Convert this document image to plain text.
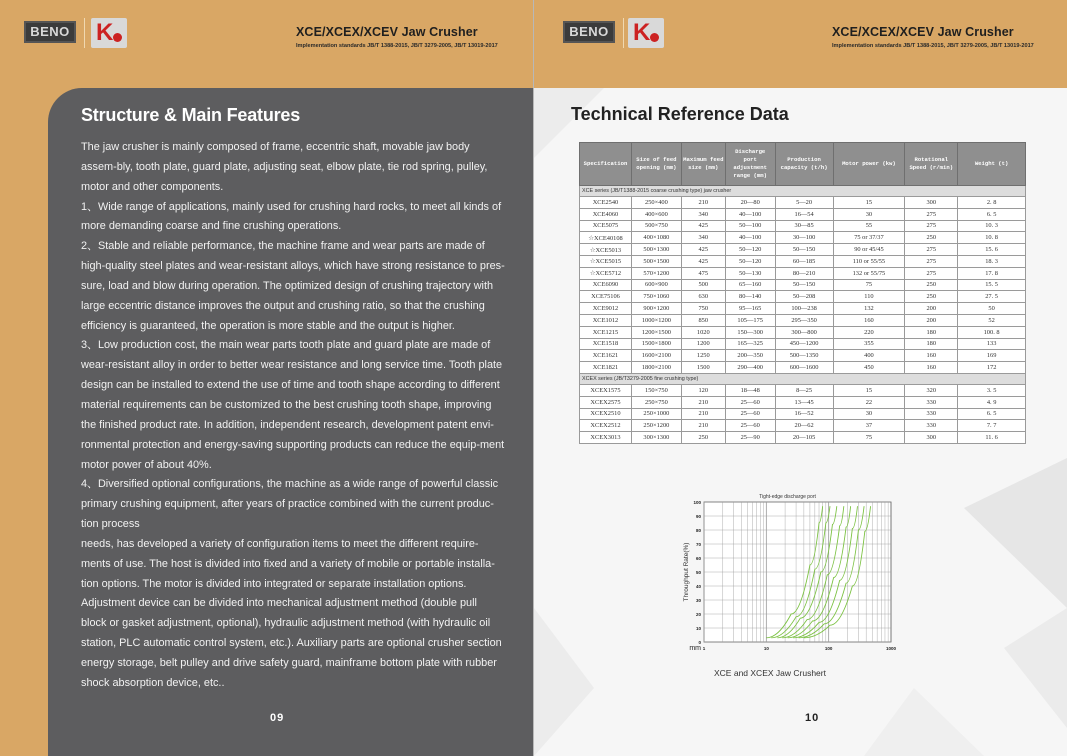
BENO K	XCE/XCEX/XCEV Jaw Crusher
Implementation standards JB/T 1388-2015, JB/T 3279-2005, JB/T 13019-2017
Structure & Main Features

The jaw crusher is mainly composed of frame, eccentric shaft, movable jaw body assem-bly, tooth plate, guard plate, adjusting seat, elbow plate, tie rod spring, pulley, motor and other components.

1、Wide range of applications, mainly used for crushing hard rocks, to meet all kinds of more demanding coarse and fine crushing operations.

2、Stable and reliable performance, the machine frame and wear parts are made of high-quality steel plates and wear-resistant alloys, which have strong resistance to pres-sure, load and blow during operation. The optimized design of crushing trajectory with large eccentric distance improves the output and crushing ratio, so that the crushing efficiency is guaranteed, the operation is more stable and the output is higher.

3、Low production cost, the main wear parts tooth plate and guard plate are made of wear-resistant alloy in order to better wear resistance and long service time. Tooth plate design can be installed to extend the use of time and tooth shape according to different material requirements can be customized to the best crushing tooth shape, improving the finished product rate. In addition, independent research, development patent envi-ronmental protection and energy-saving supporting products can reduce the equip-ment motor power of about 40%.

4、Diversified optional configurations, the machine as a wide range of powerful classic primary crushing equipment, after years of practice combined with the current produc-tion process

needs, has developed a variety of configuration items to meet the different require-ments of use. The host is divided into fixed and a variety of mobile or portable installa-tion options. The motor is divided into integrated or separate installation options. Adjustment device can be divided into mechanical adjustment method (double pull block or gasket adjustment, optional), hydraulic adjustment method (with hydraulic oil station, PLC automatic control system, etc.). Auxiliary parts are optional crusher section energy storage, belt pulley and drive safety guard, mainframe bottom plate with rubber shock absorption device, etc..

09
BENO K	XCE/XCEX/XCEV Jaw Crusher
Implementation standards JB/T 1388-2015, JB/T 3279-2005, JB/T 13019-2017
Technical Reference Data
Specification	Size of feed opening (mm)	Maximum feed size (mm)	Discharge port adjustment range (mm)	Production capacity (t/h)	Motor power (kw)	Rotational Speed (r/min)	Weight (t)
XCE series (JB/T1388-2015 coarse crushing type) jaw crusher							
XCE2540	250×400	210	20—80	5—20	15	300	2. 8
XCE4060	400×600	340	40—100	16—54	30	275	6. 5
XCE5075	500×750	425	50—100	30—85	55	275	10. 3
☆XCE40108	400×1080	340	40—100	30—100	75 or 37/37	250	10. 8
☆XCE5013	500×1300	425	50—120	50—150	90 or 45/45	275	15. 6
☆XCE5015	500×1500	425	50—120	60—185	110 or 55/55	275	18. 3
☆XCE5712	570×1200	475	50—130	80—210	132 or 55/75	275	17. 8
XCE6090	600×900	500	65—160	50—150	75	250	15. 5
XCE75106	750×1060	630	80—140	50—208	110	250	27. 5
XCE9012	900×1200	750	95—165	100—238	132	200	50
XCE1012	1000×1200	850	105—175	295—350	160	200	52
XCE1215	1200×1500	1020	150—300	300—800	220	180	100. 8
XCE1518	1500×1800	1200	165—325	450—1200	355	180	133
XCE1621	1600×2100	1250	200—350	500—1350	400	160	169
XCE1821	1800×2100	1500	290—400	600—1600	450	160	172
XCEX series (JB/T3279-2005 fine crushing type)							
XCEX1575	150×750	120	18—48	8—25	15	320	3. 5
XCEX2575	250×750	210	25—60	13—45	22	330	4. 9
XCEX2510	250×1000	210	25—60	16—52	30	330	6. 5
XCEX2512	250×1200	210	25—60	20—62	37	330	7. 7
XCEX3013	300×1300	250	25—90	20—105	75	300	11. 6
0
10
20
30
40
50
60
70
80
90
100
1	10	100	1000
Tight-edge discharge port
Throughput Rate(%)
mm
XCE and XCEX Jaw Crushert
10
